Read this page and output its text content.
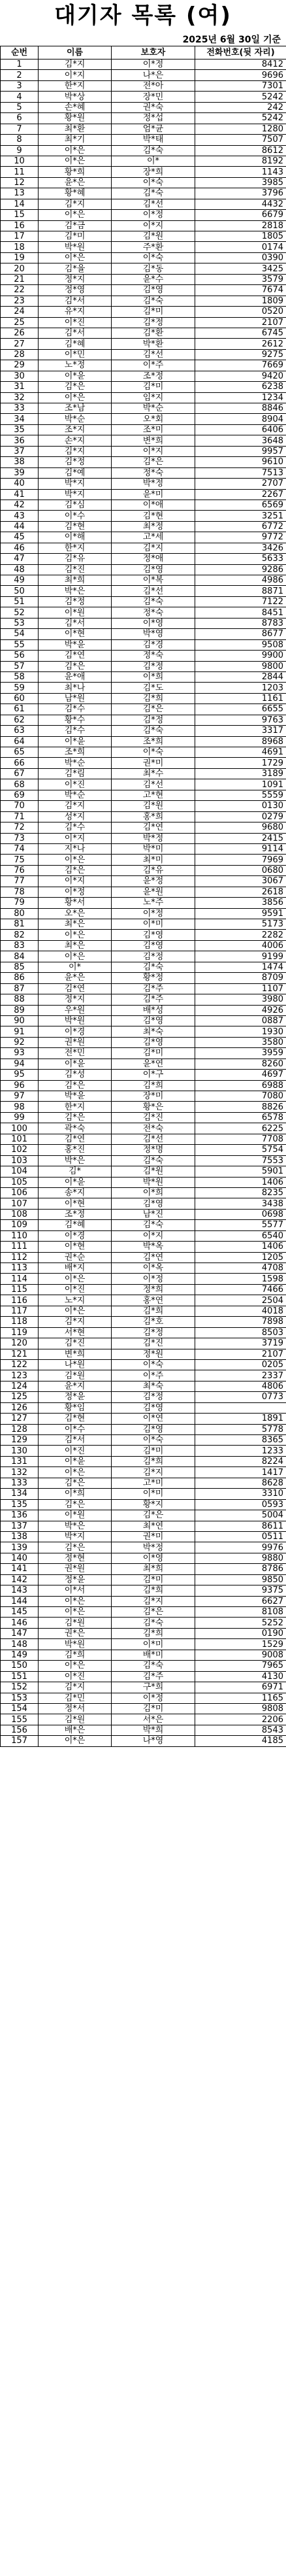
대기자 목록 (여)
2025년 6월 30일 기준
순번	이름	보호자	전화번호(뒷 자리)
1	김*지	이*정	8412
2	이*지	나*은	9696
3	한*지	전*아	7301
4	박*상	장*민	5242
5	손*혜	권*숙	242
6	황*원	정*섭	5242
7	최*환	엄*균	1280
8	최*기	박*태	7507
9	이*은	김*숙	8612
10	이*은	이*	8192
11	황*희	장*희	1143
12	윤*은	이*숙	3985
13	황*혜	김*숙	3796
14	김*지	김*선	4432
15	이*은	이*정	6679
16	김*금	이*지	2818
17	김*미	김*원	1805
18	박*원	주*환	0174
19	이*은	이*숙	0390
20	김*율	김*동	3425
21	정*지	윤*수	3579
22	정*영	김*영	7674
23	김*서	김*숙	1809
24	유*지	김*미	0520
25	이*진	김*정	2107
26	김*서	김*환	6745
27	김*혜	박*환	2612
28	이*민	김*선	9275
29	노*정	이*주	7669
30	이*윤	조*정	9420
31	김*은	김*미	6238
32	이*은	임*지	1234
33	조*남	박*순	8846
34	박*순	오*회	8904
35	조*지	조*미	6406
36	손*지	변*희	3648
37	김*지	이*지	9957
38	김*정	김*은	9610
39	김*예	정*숙	7513
40	박*지	박*정	2707
41	박*지	윤*미	2267
42	김*심	이*애	6569
43	이*수	김*현	3251
44	김*현	최*정	6772
45	이*해	고*세	9772
46	한*지	김*지	3426
47	김*유	정*애	5633
48	김*진	김*영	9286
49	최*희	이*복	4986
50	박*은	김*선	8871
51	김*정	김*숙	7122
52	이*원	정*숙	8451
53	김*서	이*영	8783
54	이*현	박*영	8677
55	박*윤	김*경	9508
56	김*연	정*숙	9900
57	김*은	김*정	9800
58	윤*애	이*희	2844
59	최*나	김*도	1203
60	남*원	김*희	1161
61	김*수	김*은	6655
62	황*수	김*정	9763
63	김*수	김*숙	3317
64	이*윤	조*희	8968
65	조*희	이*숙	4691
66	박*순	권*미	1729
67	김*림	최*수	3189
68	이*진	김*선	1091
69	박*순	고*현	5559
70	김*지	김*원	0130
71	성*지	홍*희	0279
72	김*수	김*연	9680
73	이*지	박*정	2415
74	지*나	박*미	9114
75	이*은	최*미	7969
76	김*은	김*유	0680
77	이*지	윤*정	3067
78	이*정	윤*원	2618
79	황*서	노*주	3856
80	오*은	이*정	9591
81	최*은	이*미	5173
82	이*은	김*영	2282
83	최*은	김*영	4006
84	이*은	김*정	9199
85	이*	김*숙	1474
86	윤*은	황*정	8709
87	김*연	김*주	1107
88	정*지	김*주	3980
89	우*원	배*성	4926
90	박*원	김*영	0887
91	이*경	최*숙	1930
92	권*원	김*영	3580
93	전*민	김*미	3959
94	이*윤	윤*연	8260
95	김*성	이*구	4697
96	김*은	김*희	6988
97	박*윤	장*미	7080
98	한*지	황*은	8826
99	김*은	김*진	6578
100	곽*숙	전*숙	6225
101	김*연	김*선	7708
102	홍*진	정*명	5754
103	박*은	김*숙	7553
104	김*	김*원	5901
105	이*윤	박*원	1406
106	송*지	이*희	8235
107	이*현	김*영	3438
108	조*정	남*진	0698
109	김*혜	김*숙	5577
110	이*경	이*지	6540
111	이*현	박*옥	1406
112	권*순	김*연	1205
113	배*지	이*옥	4708
114	이*은	이*정	1598
115	이*진	정*희	7466
116	노*지	홍*연	2504
117	이*은	김*희	4018
118	김*지	김*호	7898
119	서*현	김*정	8503
120	김*진	김*진	3719
121	변*희	정*원	2107
122	나*원	이*숙	0205
123	김*원	이*주	2337
124	윤*지	최*숙	4806
125	정*윤	김*정	0773
126	황*임	김*영	
127	김*현	이*연	1891
128	이*수	김*영	5778
129	김*서	이*숙	8365
130	이*진	김*미	1233
131	이*윤	김*희	8224
132	이*은	김*지	1417
133	김*은	고*미	8628
134	이*희	이*미	3310
135	김*은	황*지	0593
136	이*원	김*은	5004
137	박*은	최*연	8611
138	박*지	권*미	0511
139	김*은	박*정	9976
140	정*현	이*영	9880
141	권*원	최*희	8786
142	정*윤	김*미	9850
143	이*서	김*희	9375
144	이*은	김*지	6627
145	이*은	김*은	8108
146	김*원	김*숙	5252
147	권*은	김*희	0190
148	박*원	이*미	1529
149	김*희	배*미	9008
150	이*은	김*숙	7965
151	이*진	김*주	4130
152	김*지	구*희	6971
153	김*민	이*정	1165
154	정*서	김*미	9808
155	김*원	서*은	2206
156	배*은	박*희	8543
157	이*은	나*영	4185
